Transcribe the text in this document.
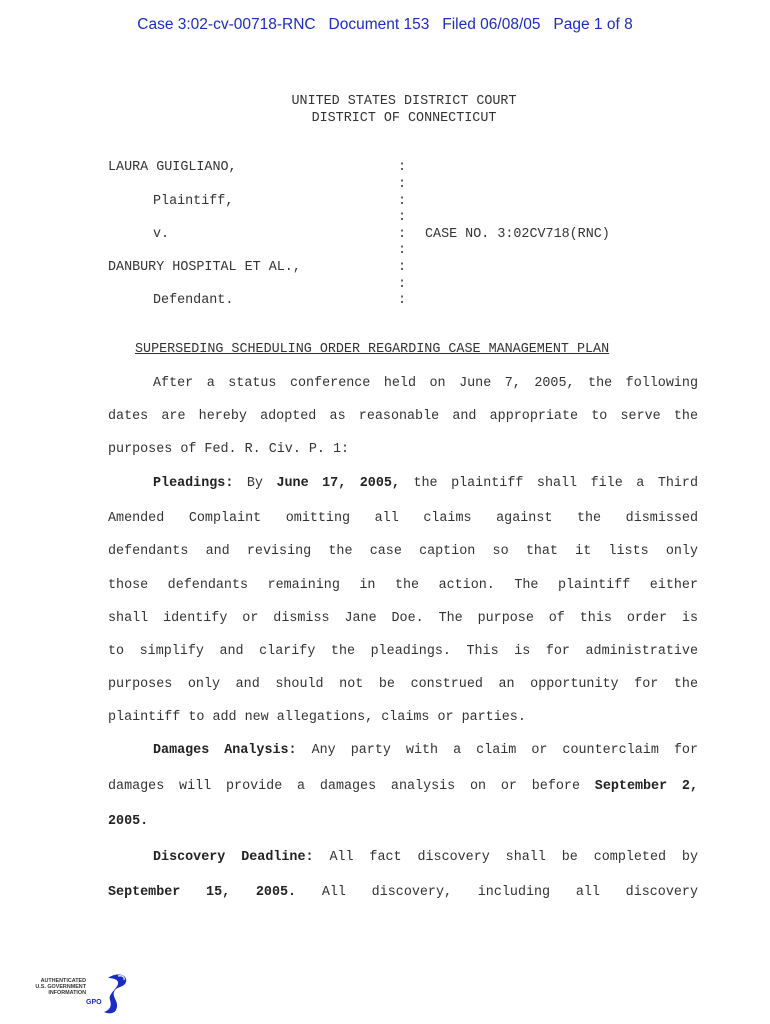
Case 3:02-cv-00718-RNC Document 153 Filed 06/08/05 Page 1 of 8
UNITED STATES DISTRICT COURT
DISTRICT OF CONNECTICUT
LAURA GUIGLIANO,
Plaintiff,
v.
DANBURY HOSPITAL ET AL.,
Defendant.
CASE NO. 3:02CV718(RNC)
:
:
:
:
:
:
:
:
:
SUPERSEDING SCHEDULING ORDER REGARDING CASE MANAGEMENT PLAN
After a status conference held on June 7, 2005, the following
dates are hereby adopted as reasonable and appropriate to serve the
purposes of Fed. R. Civ. P. 1:
Pleadings: By June 17, 2005, the plaintiff shall file a Third
Amended Complaint omitting all claims against the dismissed
defendants and revising the case caption so that it lists only
those defendants remaining in the action. The plaintiff either
shall identify or dismiss Jane Doe. The purpose of this order is
to simplify and clarify the pleadings. This is for administrative
purposes only and should not be construed an opportunity for the
plaintiff to add new allegations, claims or parties.
Damages Analysis: Any party with a claim or counterclaim for
damages will provide a damages analysis on or before September 2,
2005.
Discovery Deadline: All fact discovery shall be completed by
September 15, 2005. All discovery, including all discovery
AUTHENTICATED
U.S. GOVERNMENT
INFORMATION
GPO
